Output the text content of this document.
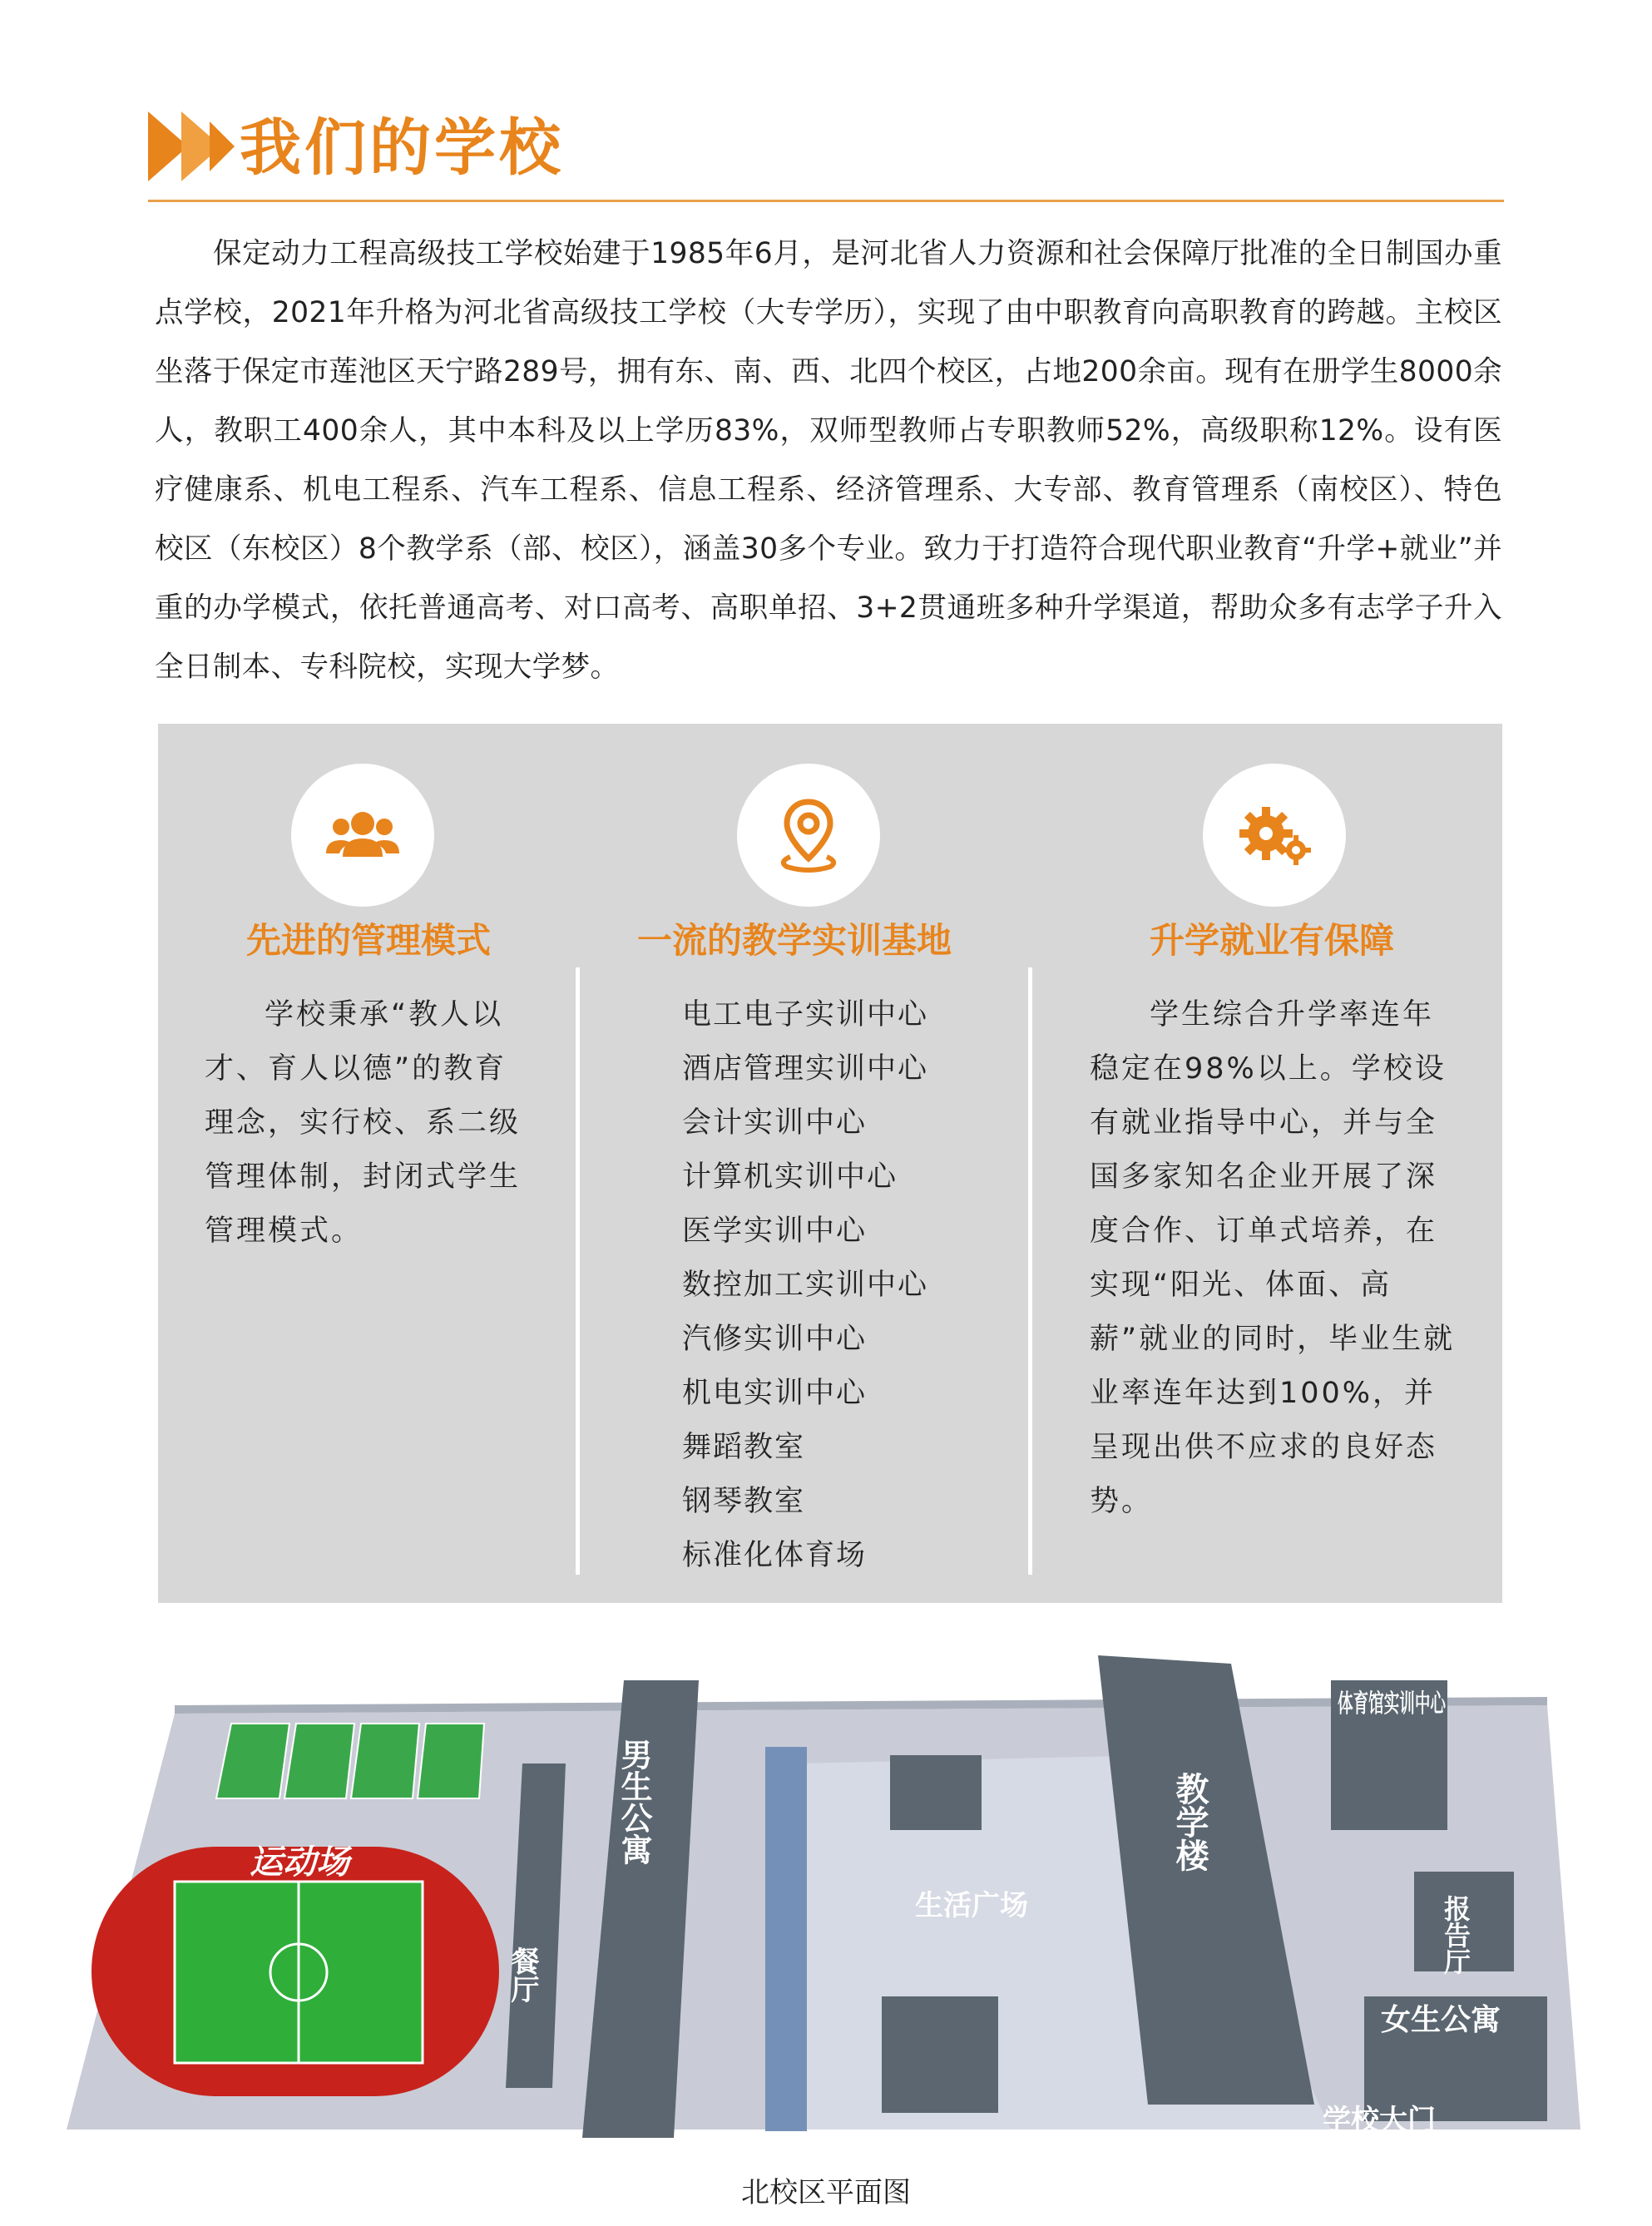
我们的学校
保定动力工程高级技工学校始建于1985年6月，是河北省人力资源和社会保障厅批准的全日制国办重点学校，2021年升格为河北省高级技工学校（大专学历），实现了由中职教育向高职教育的跨越。主校区坐落于保定市莲池区天宁路289号，拥有东、南、西、北四个校区，占地200余亩。现有在册学生8000余人，教职工400余人，其中本科及以上学历83%，双师型教师占专职教师52%，高级职称12%。设有医疗健康系、机电工程系、汽车工程系、信息工程系、经济管理系、大专部、教育管理系（南校区）、特色校区（东校区）8个教学系（部、校区），涵盖30多个专业。致力于打造符合现代职业教育“升学+就业”并重的办学模式，依托普通高考、对口高考、高职单招、3+2贯通班多种升学渠道，帮助众多有志学子升入全日制本、专科院校，实现大学梦。
先进的管理模式	一流的教学实训基地	升学就业有保障
学校秉承“教人以才、育人以德”的教育理念，实行校、系二级管理体制，封闭式学生管理模式。
电工电子实训中心
酒店管理实训中心
会计实训中心
计算机实训中心
医学实训中心
数控加工实训中心
汽修实训中心
机电实训中心
舞蹈教室
钢琴教室
标准化体育场
学生综合升学率连年稳定在98%以上。学校设有就业指导中心，并与全国多家知名企业开展了深度合作、订单式培养，在实现“阳光、体面、高薪”就业的同时，毕业生就业率连年达到100%，并呈现出供不应求的良好态势。
运动场
餐厅
男生公寓
生活广场
教学楼
体育馆实训中心
报告厅
女生公寓
学校大门
北校区平面图
